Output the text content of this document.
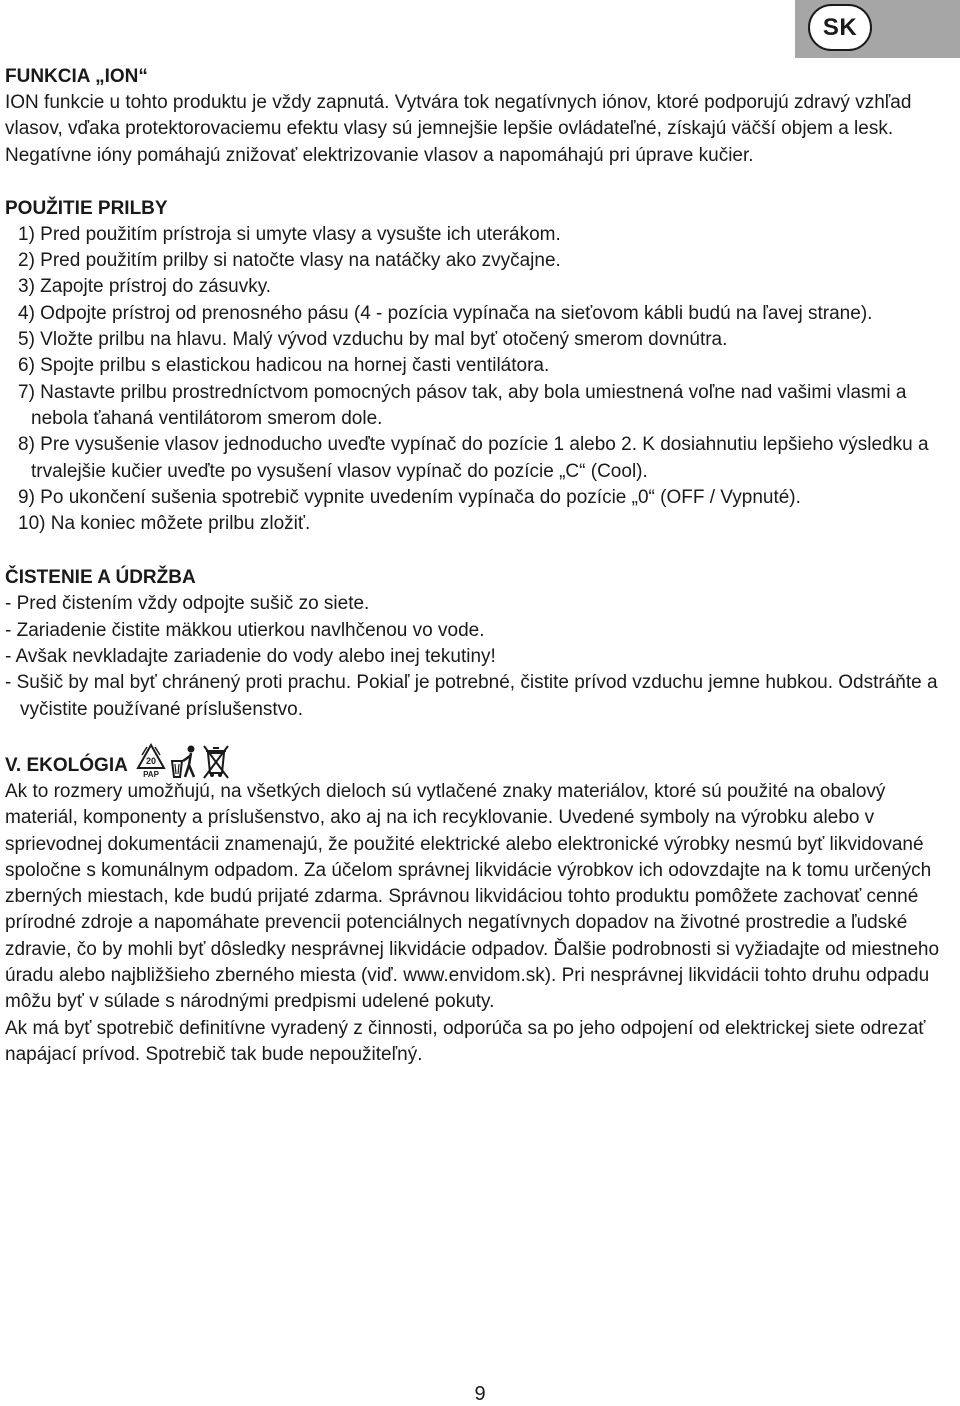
SK
FUNKCIA „ION“
ION funkcie u tohto produktu je vždy zapnutá. Vytvára tok negatívnych iónov, ktoré podporujú zdravý vzhľad vlasov, vďaka protektorovaciemu efektu vlasy sú jemnejšie lepšie ovládateľné, získajú väčší objem a lesk.
Negatívne ióny pomáhajú znižovať elektrizovanie vlasov a napomáhajú pri úprave kučier.
POUŽITIE PRILBY
1) Pred použitím prístroja si umyte vlasy a vysušte ich uterákom.
2) Pred použitím prilby si natočte vlasy na natáčky ako zvyčajne.
3) Zapojte prístroj do zásuvky.
4) Odpojte prístroj od prenosného pásu (4 - pozícia vypínača na sieťovom kábli budú na ľavej strane).
5) Vložte prilbu na hlavu. Malý vývod vzduchu by mal byť otočený smerom dovnútra.
6) Spojte prilbu s elastickou hadicou na hornej časti ventilátora.
7) Nastavte prilbu prostredníctvom pomocných pásov tak, aby bola umiestnená voľne nad vašimi vlasmi a nebola ťahaná ventilátorom smerom dole.
8) Pre vysušenie vlasov jednoducho uveďte vypínač do pozície 1 alebo 2. K dosiahnutiu lepšieho výsledku a trvalejšie kučier uveďte po vysušení vlasov vypínač do pozície „C“ (Cool).
9) Po ukončení sušenia spotrebič vypnite uvedením vypínača do pozície „0“ (OFF / Vypnuté).
10) Na koniec môžete prilbu zložiť.
ČISTENIE A ÚDRŽBA
- Pred čistením vždy odpojte sušič zo siete.
- Zariadenie čistite mäkkou utierkou navlhčenou vo vode.
- Avšak nevkladajte zariadenie do vody alebo inej tekutiny!
- Sušič by mal byť chránený proti prachu. Pokiaľ je potrebné, čistite prívod vzduchu jemne hubkou. Odstráňte a vyčistite používané príslušenstvo.
V. EKOLÓGIA 20
PAP
Ak to rozmery umožňujú, na všetkých dieloch sú vytlačené znaky materiálov, ktoré sú použité na obalový materiál, komponenty a príslušenstvo, ako aj na ich recyklovanie. Uvedené symboly na výrobku alebo v sprievodnej dokumentácii znamenajú, že použité elektrické alebo elektronické výrobky nesmú byť likvidované spoločne s komunálnym odpadom. Za účelom správnej likvidácie výrobkov ich odovzdajte na k tomu určených zberných miestach, kde budú prijaté zdarma. Správnou likvidáciou tohto produktu pomôžete zachovať cenné prírodné zdroje a napomáhate prevencii potenciálnych negatívnych dopadov na životné prostredie a ľudské zdravie, čo by mohli byť dôsledky nesprávnej likvidácie odpadov. Ďalšie podrobnosti si vyžiadajte od miestneho úradu alebo najbližšieho zberného miesta (viď. www.envidom.sk). Pri nesprávnej likvidácii tohto druhu odpadu môžu byť v súlade s národnými predpismi udelené pokuty.
Ak má byť spotrebič definitívne vyradený z činnosti, odporúča sa po jeho odpojení od elektrickej siete odrezať napájací prívod. Spotrebič tak bude nepoužiteľný.
9
